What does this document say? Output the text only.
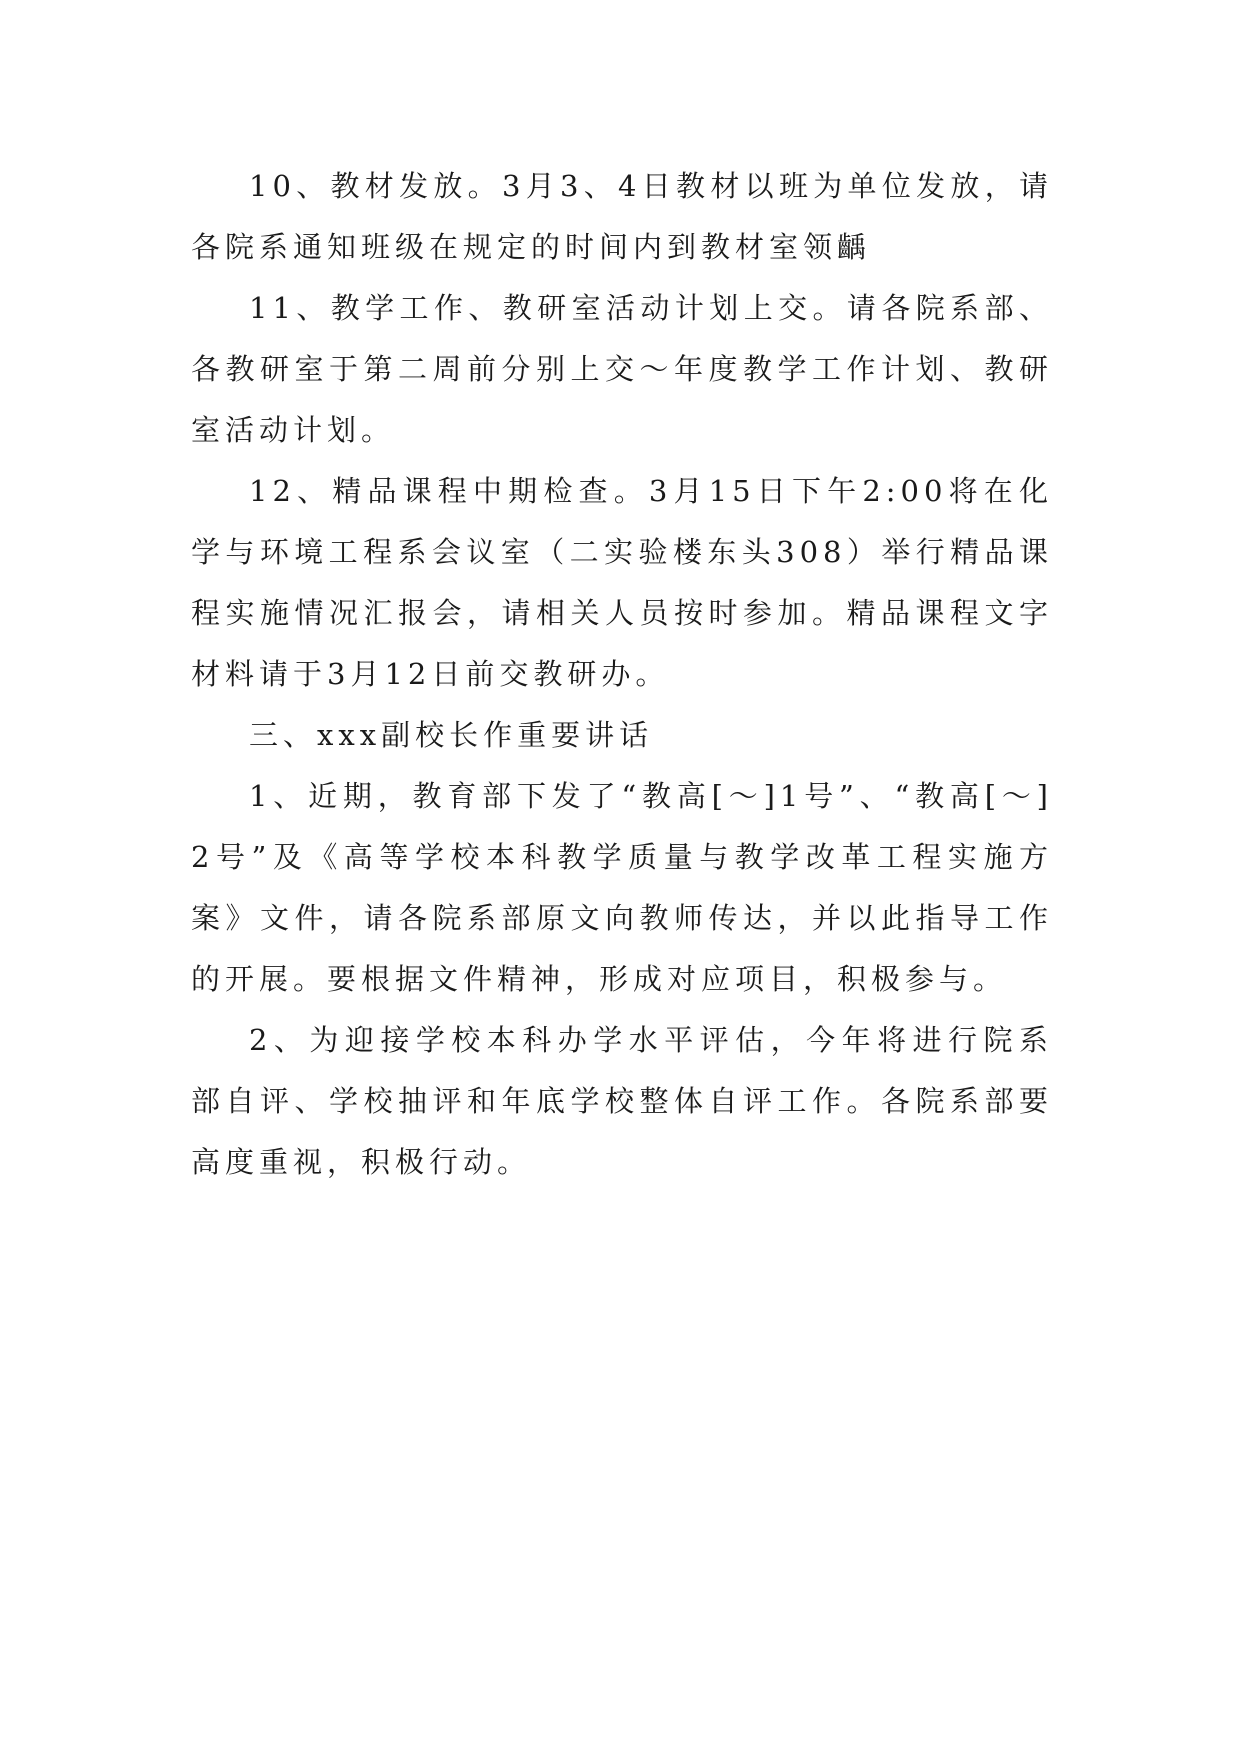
10、教材发放。3月3、4日教材以班为单位发放，请各院系通知班级在规定的时间内到教材室领齲

11、教学工作、教研室活动计划上交。请各院系部、各教研室于第二周前分别上交～年度教学工作计划、教研室活动计划。

12、精品课程中期检查。3月15日下午2:00将在化学与环境工程系会议室（二实验楼东头308）举行精品课程实施情况汇报会，请相关人员按时参加。精品课程文字材料请于3月12日前交教研办。

三、xxx副校长作重要讲话

1、近期，教育部下发了“教高[～]1号”、“教高[～]2号”及《高等学校本科教学质量与教学改革工程实施方案》文件，请各院系部原文向教师传达，并以此指导工作的开展。要根据文件精神，形成对应项目，积极参与。

2、为迎接学校本科办学水平评估，今年将进行院系部自评、学校抽评和年底学校整体自评工作。各院系部要高度重视，积极行动。
